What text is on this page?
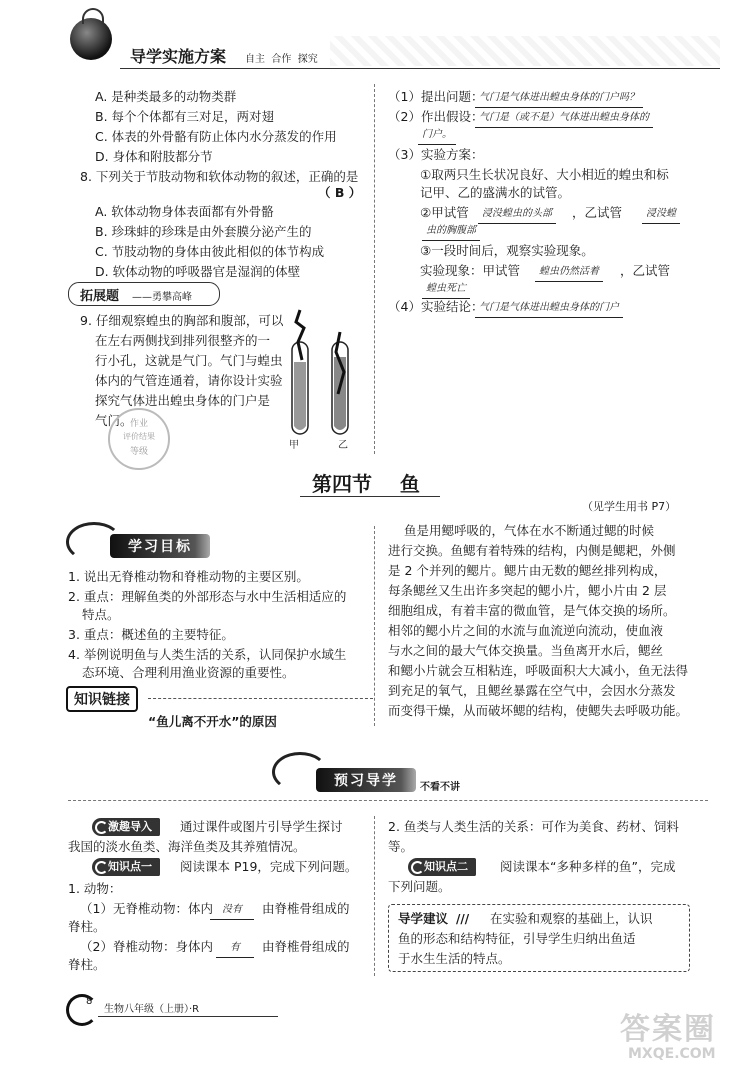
导学实施方案 自主  合作  探究
A. 是种类最多的动物类群
B. 每个个体都有三对足，两对翅
C. 体表的外骨骼有防止体内水分蒸发的作用
D. 身体和附肢都分节
8. 下列关于节肢动物和软体动物的叙述，正确的是
（ B ）
A. 软体动物身体表面都有外骨骼
B. 珍珠蚌的珍珠是由外套膜分泌产生的
C. 节肢动物的身体由彼此相似的体节构成
D. 软体动物的呼吸器官是湿润的体壁
拓展题 ——勇攀高峰
9. 仔细观察蝗虫的胸部和腹部，可以
在左右两侧找到排列很整齐的一
行小孔，这就是气门。气门与蝗虫
体内的气管连通着，请你设计实验
探究气体进出蝗虫身体的门户是
气门。
甲	乙
作业
评价结果
等级
（1）提出问题：
气门是气体进出蝗虫身体的门户吗？
（2）作出假设：
气门是（或不是）气体进出蝗虫身体的
门户。
（3）实验方案：
①取两只生长状况良好、大小相近的蝗虫和标
记甲、乙的盛满水的试管。
②甲试管	浸没蝗虫的头部	，乙试管	浸没蝗
虫的胸腹部
③一段时间后，观察实验现象。
实验现象：甲试管	蝗虫仍然活着	，乙试管
蝗虫死亡
（4）实验结论：
气门是气体进出蝗虫身体的门户
第四节    鱼
（见学生用书 P7）
学习目标
1. 说出无脊椎动物和脊椎动物的主要区别。
2. 重点：理解鱼类的外部形态与水中生活相适应的
特点。
3. 重点：概述鱼的主要特征。
4. 举例说明鱼与人类生活的关系，认同保护水域生
态环境、合理利用渔业资源的重要性。
知识链接
“鱼儿离不开水”的原因
鱼是用鳃呼吸的，气体在水不断通过鳃的时候
进行交换。鱼鳃有着特殊的结构，内侧是鳃耙，外侧
是 2 个并列的鳃片。鳃片由无数的鳃丝排列构成，
每条鳃丝又生出许多突起的鳃小片，鳃小片由 2 层
细胞组成，有着丰富的微血管，是气体交换的场所。
相邻的鳃小片之间的水流与血流逆向流动，使血液
与水之间的最大气体交换量。当鱼离开水后，鳃丝
和鳃小片就会互相粘连，呼吸面积大大减小，鱼无法得
到充足的氧气，且鳃丝暴露在空气中，会因水分蒸发
而变得干燥，从而破坏鳃的结构，使鳃失去呼吸功能。
预习导学	不看不讲
激趣导入	通过课件或图片引导学生探讨
我国的淡水鱼类、海洋鱼类及其养殖情况。
知识点一	阅读课本 P19，完成下列问题。
1. 动物：
（1）无脊椎动物：体内 没有	由脊椎骨组成的
脊柱。
（2）脊椎动物：身体内	有	由脊椎骨组成的
脊柱。
2. 鱼类与人类生活的关系：可作为美食、药材、饲料
等。
知识点二	阅读课本“多种多样的鱼”，完成
下列问题。
导学建议 /// 在实验和观察的基础上，认识
鱼的形态和结构特征，引导学生归纳出鱼适
于水生生活的特点。
8
生物八年级（上册）·R
答案圈
MXQE.COM
